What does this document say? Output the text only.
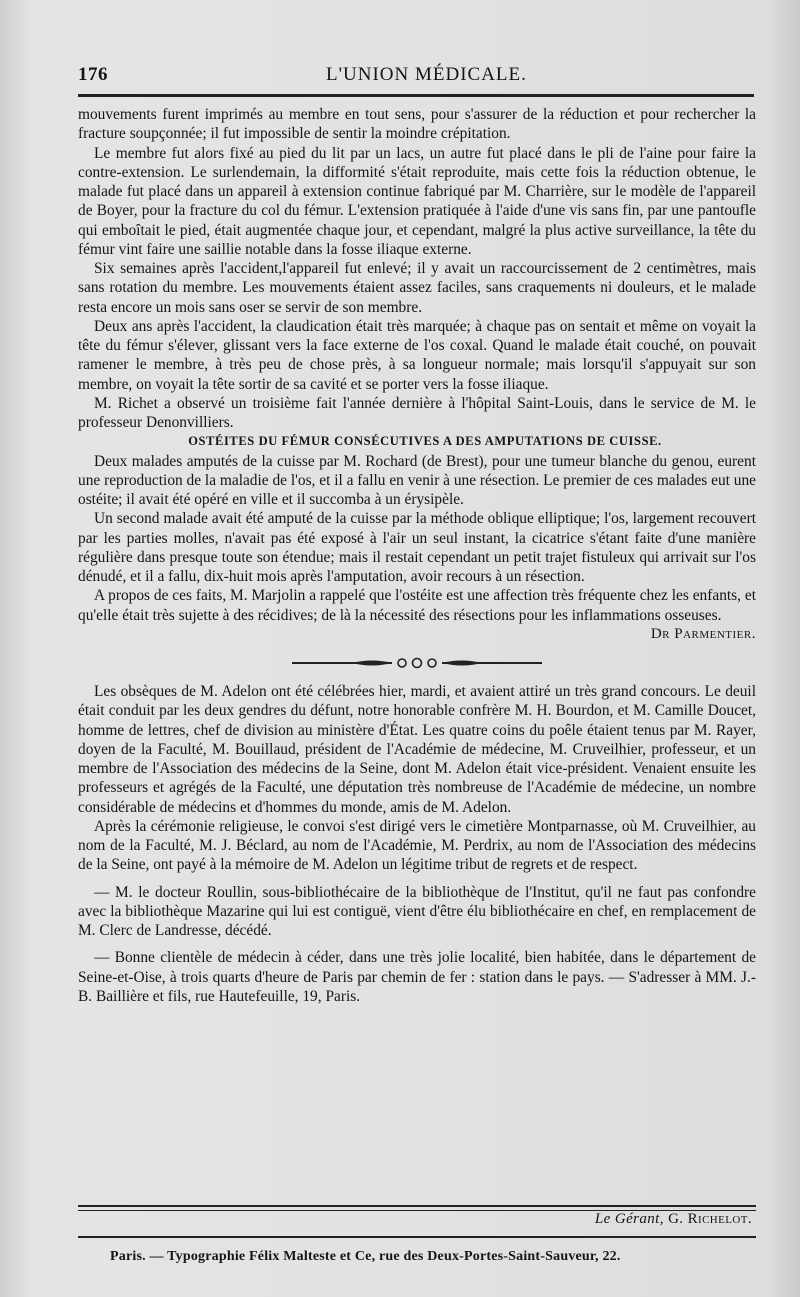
176	L'UNION MÉDICALE.

mouvements furent imprimés au membre en tout sens, pour s'assurer de la réduction et pour rechercher la fracture soupçonnée; il fut impossible de sentir la moindre crépitation.

Le membre fut alors fixé au pied du lit par un lacs, un autre fut placé dans le pli de l'aine pour faire la contre-extension. Le surlendemain, la difformité s'était reproduite, mais cette fois la réduction obtenue, le malade fut placé dans un appareil à extension continue fabriqué par M. Charrière, sur le modèle de l'appareil de Boyer, pour la fracture du col du fémur. L'extension pratiquée à l'aide d'une vis sans fin, par une pantoufle qui emboîtait le pied, était augmentée chaque jour, et cependant, malgré la plus active surveillance, la tête du fémur vint faire une saillie notable dans la fosse iliaque externe.

Six semaines après l'accident,l'appareil fut enlevé; il y avait un raccourcissement de 2 centimètres, mais sans rotation du membre. Les mouvements étaient assez faciles, sans craquements ni douleurs, et le malade resta encore un mois sans oser se servir de son membre.

Deux ans après l'accident, la claudication était très marquée; à chaque pas on sentait et même on voyait la tête du fémur s'élever, glissant vers la face externe de l'os coxal. Quand le malade était couché, on pouvait ramener le membre, à très peu de chose près, à sa longueur normale; mais lorsqu'il s'appuyait sur son membre, on voyait la tête sortir de sa cavité et se porter vers la fosse iliaque.

M. Richet a observé un troisième fait l'année dernière à l'hôpital Saint-Louis, dans le service de M. le professeur Denonvilliers.

OSTÉITES DU FÉMUR CONSÉCUTIVES A DES AMPUTATIONS DE CUISSE.

Deux malades amputés de la cuisse par M. Rochard (de Brest), pour une tumeur blanche du genou, eurent une reproduction de la maladie de l'os, et il a fallu en venir à une résection. Le premier de ces malades eut une ostéite; il avait été opéré en ville et il succomba à un érysipèle.

Un second malade avait été amputé de la cuisse par la méthode oblique elliptique; l'os, largement recouvert par les parties molles, n'avait pas été exposé à l'air un seul instant, la cicatrice s'étant faite d'une manière régulière dans presque toute son étendue; mais il restait cependant un petit trajet fistuleux qui arrivait sur l'os dénudé, et il a fallu, dix-huit mois après l'amputation, avoir recours à un résection.

A propos de ces faits, M. Marjolin a rappelé que l'ostéite est une affection très fréquente chez les enfants, et qu'elle était très sujette à des récidives; de là la nécessité des résections pour les inflammations osseuses.

Dr Parmentier.

Les obsèques de M. Adelon ont été célébrées hier, mardi, et avaient attiré un très grand concours. Le deuil était conduit par les deux gendres du défunt, notre honorable confrère M. H. Bourdon, et M. Camille Doucet, homme de lettres, chef de division au ministère d'État. Les quatre coins du poêle étaient tenus par M. Rayer, doyen de la Faculté, M. Bouillaud, président de l'Académie de médecine, M. Cruveilhier, professeur, et un membre de l'Association des médecins de la Seine, dont M. Adelon était vice-président. Venaient ensuite les professeurs et agrégés de la Faculté, une députation très nombreuse de l'Académie de médecine, un nombre considérable de médecins et d'hommes du monde, amis de M. Adelon.

Après la cérémonie religieuse, le convoi s'est dirigé vers le cimetière Montparnasse, où M. Cruveilhier, au nom de la Faculté, M. J. Béclard, au nom de l'Académie, M. Perdrix, au nom de l'Association des médecins de la Seine, ont payé à la mémoire de M. Adelon un légitime tribut de regrets et de respect.

— M. le docteur Roullin, sous-bibliothécaire de la bibliothèque de l'Institut, qu'il ne faut pas confondre avec la bibliothèque Mazarine qui lui est contiguë, vient d'être élu bibliothécaire en chef, en remplacement de M. Clerc de Landresse, décédé.

— Bonne clientèle de médecin à céder, dans une très jolie localité, bien habitée, dans le département de Seine-et-Oise, à trois quarts d'heure de Paris par chemin de fer : station dans le pays. — S'adresser à MM. J.-B. Baillière et fils, rue Hautefeuille, 19, Paris.

Le Gérant, G. Richelot.
Paris. — Typographie Félix Malteste et Ce, rue des Deux-Portes-Saint-Sauveur, 22.
